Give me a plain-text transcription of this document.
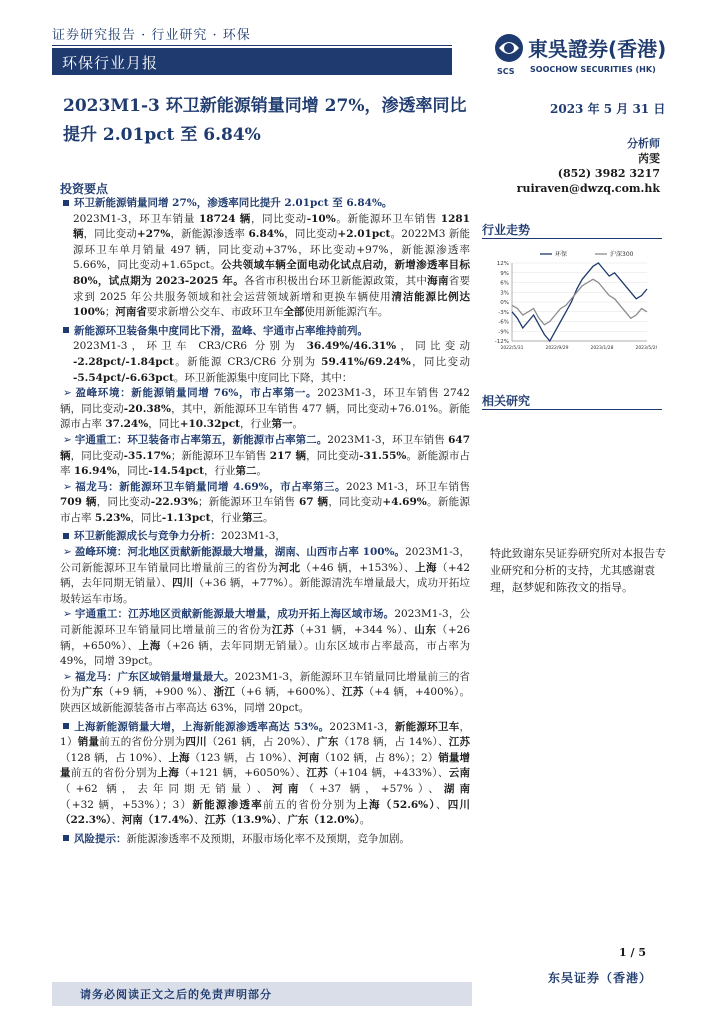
证券研究报告 · 行业研究 · 环保
环保行业月报	SCS
東吳證券(香港)
SOOCHOW SECURITIES (HK)
2023M1-3 环卫新能源销量同增 27%，渗透率同比提升 2.01pct 至 6.84%
2023 年 5 月 31 日
分析师
芮雯
(852) 3982 3217
ruiraven@dwzq.com.hk
投资要点

环卫新能源销量同增 27%，渗透率同比提升 2.01pct 至 6.84%。

2023M1-3，环卫车销量 18724 辆，同比变动-10%。新能源环卫车销售 1281 辆，同比变动+27%，新能源渗透率 6.84%，同比变动+2.01pct。2022M3 新能源环卫车单月销量 497 辆，同比变动+37%，环比变动+97%，新能源渗透率 5.66%，同比变动+1.65pct。公共领域车辆全面电动化试点启动，新增渗透率目标 80%，试点期为 2023-2025 年。各省市积极出台环卫新能源政策，其中海南省要求到 2025 年公共服务领域和社会运营领域新增和更换车辆使用清洁能源比例达 100%；河南省要求新增公交车、市政环卫车全部使用新能源汽车。

新能源环卫装备集中度同比下滑，盈峰、宇通市占率维持前列。

2023M1-3，环卫车 CR3/CR6 分别为 36.49%/46.31%，同比变动 -2.28pct/-1.84pct。新能源 CR3/CR6 分别为 59.41%/69.24%，同比变动 -5.54pct/-6.63pct。环卫新能源集中度同比下降，其中：

➢ 盈峰环境：新能源销量同增 76%，市占率第一。2023M1-3，环卫车销售 2742 辆，同比变动-20.38%，其中，新能源环卫车销售 477 辆，同比变动+76.01%。新能源市占率 37.24%，同比+10.32pct，行业第一。

➢ 宇通重工：环卫装备市占率第五，新能源市占率第二。2023M1-3，环卫车销售 647 辆，同比变动-35.17%；新能源环卫车销售 217 辆，同比变动-31.55%。新能源市占率 16.94%，同比-14.54pct，行业第二。

➢ 福龙马：新能源环卫车销量同增 4.69%，市占率第三。2023 M1-3，环卫车销售 709 辆，同比变动-22.93%；新能源环卫车销售 67 辆，同比变动+4.69%。新能源市占率 5.23%，同比-1.13pct，行业第三。

环卫新能源成长与竞争力分析：2023M1-3，

➢ 盈峰环境：河北地区贡献新能源最大增量，湖南、山西市占率 100%。2023M1-3，公司新能源环卫车销量同比增量前三的省份为河北（+46 辆，+153%）、上海（+42 辆，去年同期无销量）、四川（+36 辆，+77%）。新能源清洗车增量最大，成功开拓垃圾转运车市场。

➢ 宇通重工：江苏地区贡献新能源最大增量，成功开拓上海区域市场。2023M1-3，公司新能源环卫车销量同比增量前三的省份为江苏（+31 辆，+344 %）、山东（+26 辆，+650%）、上海（+26 辆，去年同期无销量）。山东区域市占率最高，市占率为 49%，同增 39pct。

➢ 福龙马：广东区域销量增量最大。2023M1-3，新能源环卫车销量同比增量前三的省份为广东（+9 辆，+900 %）、浙江（+6 辆，+600%）、江苏（+4 辆，+400%）。陕西区域新能源装备市占率高达 63%，同增 20pct。

上海新能源销量大增，上海新能源渗透率高达 53%。2023M1-3，新能源环卫车，1）销量前五的省份分别为四川（261 辆，占 20%）、广东（178 辆，占 14%）、江苏（128 辆，占 10%）、上海（123 辆，占 10%）、河南（102 辆，占 8%）；2）销量增量前五的省份分别为上海（+121 辆，+6050%）、江苏（+104 辆，+433%）、云南（+62 辆，去年同期无销量）、河南（+37 辆，+57%）、湖南（+32 辆，+53%）；3）新能源渗透率前五的省份分别为上海（52.6%）、四川（22.3%）、河南（17.4%）、江苏（13.9%）、广东（12.0%）。

风险提示：新能源渗透率不及预期，环服市场化率不及预期，竞争加剧。

行业走势
12%
9%
6%
3%
0%
-3%
-6%
-9%
-12%
2022/5/31	2022/9/29	2023/1/28	2023/5/29
环保	沪深300
相关研究
特此致谢东吴证券研究所对本报告专业研究和分析的支持，尤其感谢袁理，赵梦妮和陈孜文的指导。
1 / 5
东吴证券（香港）
请务必阅读正文之后的免责声明部分
